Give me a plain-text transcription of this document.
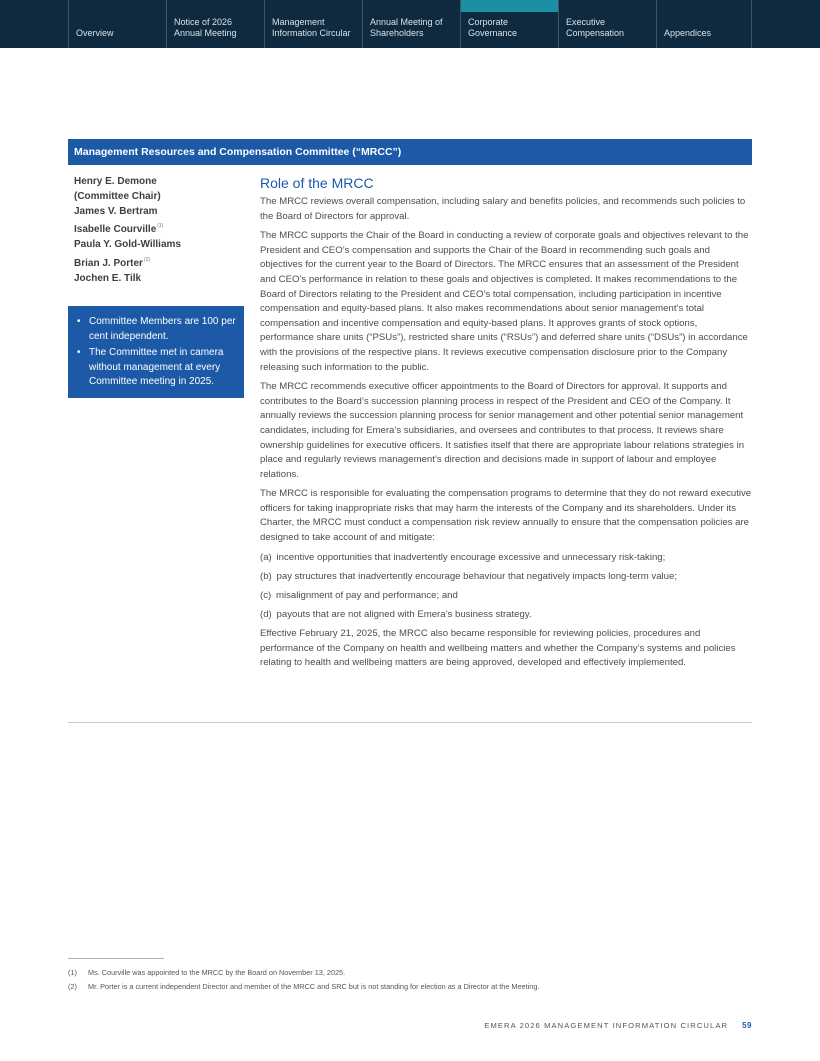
Overview
Notice of 2026
Annual Meeting
Management
Information Circular
Annual Meeting of
Shareholders
Corporate
Governance
Executive
Compensation	Appendices
Management Resources and Compensation Committee (“MRCC”)
Henry E. Demone
(Committee Chair)
James V. Bertram
Isabelle Courville$^{(1)}$
Paula Y. Gold-Williams
Brian J. Porter$^{(2)}$
Jochen E. Tilk
• Committee Members are 100 per cent independent.
• The Committee met in camera without management at every Committee meeting in 2025.
Role of the MRCC

The MRCC reviews overall compensation, including salary and benefits policies, and recommends such policies to the Board of Directors for approval.

The MRCC supports the Chair of the Board in conducting a review of corporate goals and objectives relevant to the President and CEO’s compensation and supports the Chair of the Board in recommending such goals and objectives for the current year to the Board of Directors. The MRCC ensures that an assessment of the President and CEO’s performance in relation to these goals and objectives is completed. It makes recommendations to the Board of Directors relating to the President and CEO’s total compensation, including participation in incentive compensation and equity-based plans. It also makes recommendations about senior management’s total compensation and incentive compensation and equity-based plans. It approves grants of stock options, performance share units (“PSUs”), restricted share units (“RSUs”) and deferred share units (“DSUs”) in accordance with the provisions of the respective plans. It reviews executive compensation disclosure prior to the Company releasing such information to the public.

The MRCC recommends executive officer appointments to the Board of Directors for approval. It supports and contributes to the Board’s succession planning process in respect of the President and CEO of the Company. It annually reviews the succession planning process for senior management and other potential senior management candidates, including for Emera’s subsidiaries, and oversees and contributes to that process. It reviews share ownership guidelines for executive officers. It satisfies itself that there are appropriate labour relations strategies in place and regularly reviews management’s direction and decisions made in support of labour and employee relations.

The MRCC is responsible for evaluating the compensation programs to determine that they do not reward executive officers for taking inappropriate risks that may harm the interests of the Company and its shareholders. Under its Charter, the MRCC must conduct a compensation risk review annually to ensure that the compensation policies are designed to take account of and mitigate:

(a) incentive opportunities that inadvertently encourage excessive and unnecessary risk-taking;
(b) pay structures that inadvertently encourage behaviour that negatively impacts long-term value;
(c) misalignment of pay and performance; and
(d) payouts that are not aligned with Emera’s business strategy.

Effective February 21, 2025, the MRCC also became responsible for reviewing policies, procedures and performance of the Company on health and wellbeing matters and whether the Company’s systems and policies relating to health and wellbeing matters are being approved, developed and effectively implemented.

(1) Ms. Courville was appointed to the MRCC by the Board on November 13, 2025.
(2) Mr. Porter is a current independent Director and member of the MRCC and SRC but is not standing for election as a Director at the Meeting.
EMERA 2026 MANAGEMENT INFORMATION CIRCULAR 59
